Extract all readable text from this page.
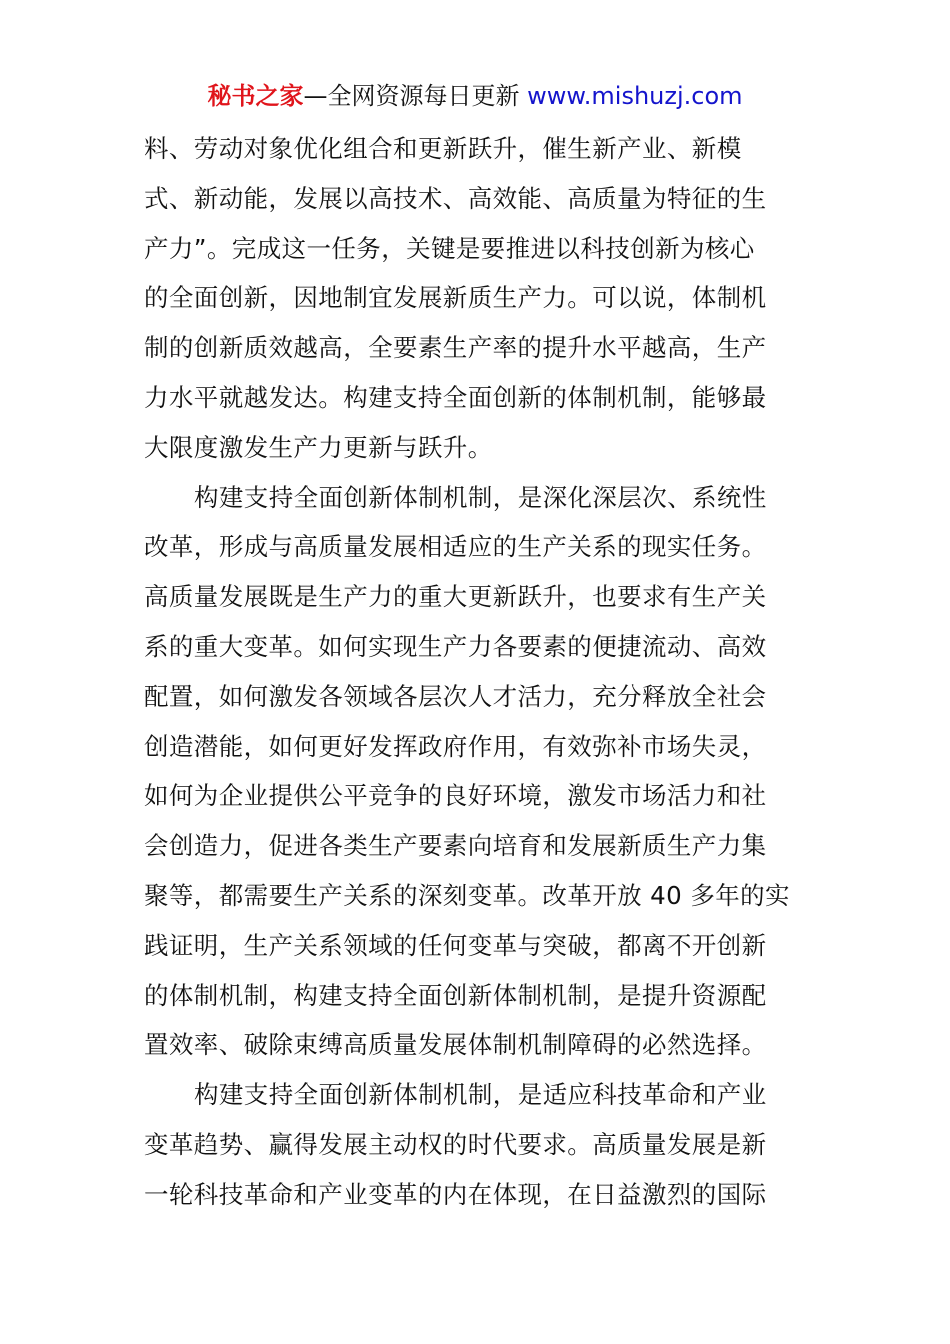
秘书之家—全网资源每日更新 www.mishuzj.com
料、劳动对象优化组合和更新跃升，催生新产业、新模
式、新动能，发展以高技术、高效能、高质量为特征的生
产力”。完成这一任务，关键是要推进以科技创新为核心
的全面创新，因地制宜发展新质生产力。可以说，体制机
制的创新质效越高，全要素生产率的提升水平越高，生产
力水平就越发达。构建支持全面创新的体制机制，能够最
大限度激发生产力更新与跃升。
构建支持全面创新体制机制，是深化深层次、系统性
改革，形成与高质量发展相适应的生产关系的现实任务。
高质量发展既是生产力的重大更新跃升，也要求有生产关
系的重大变革。如何实现生产力各要素的便捷流动、高效
配置，如何激发各领域各层次人才活力，充分释放全社会
创造潜能，如何更好发挥政府作用，有效弥补市场失灵，
如何为企业提供公平竞争的良好环境，激发市场活力和社
会创造力，促进各类生产要素向培育和发展新质生产力集
聚等，都需要生产关系的深刻变革。改革开放 40 多年的实
践证明，生产关系领域的任何变革与突破，都离不开创新
的体制机制，构建支持全面创新体制机制，是提升资源配
置效率、破除束缚高质量发展体制机制障碍的必然选择。
构建支持全面创新体制机制，是适应科技革命和产业
变革趋势、赢得发展主动权的时代要求。高质量发展是新
一轮科技革命和产业变革的内在体现，在日益激烈的国际
